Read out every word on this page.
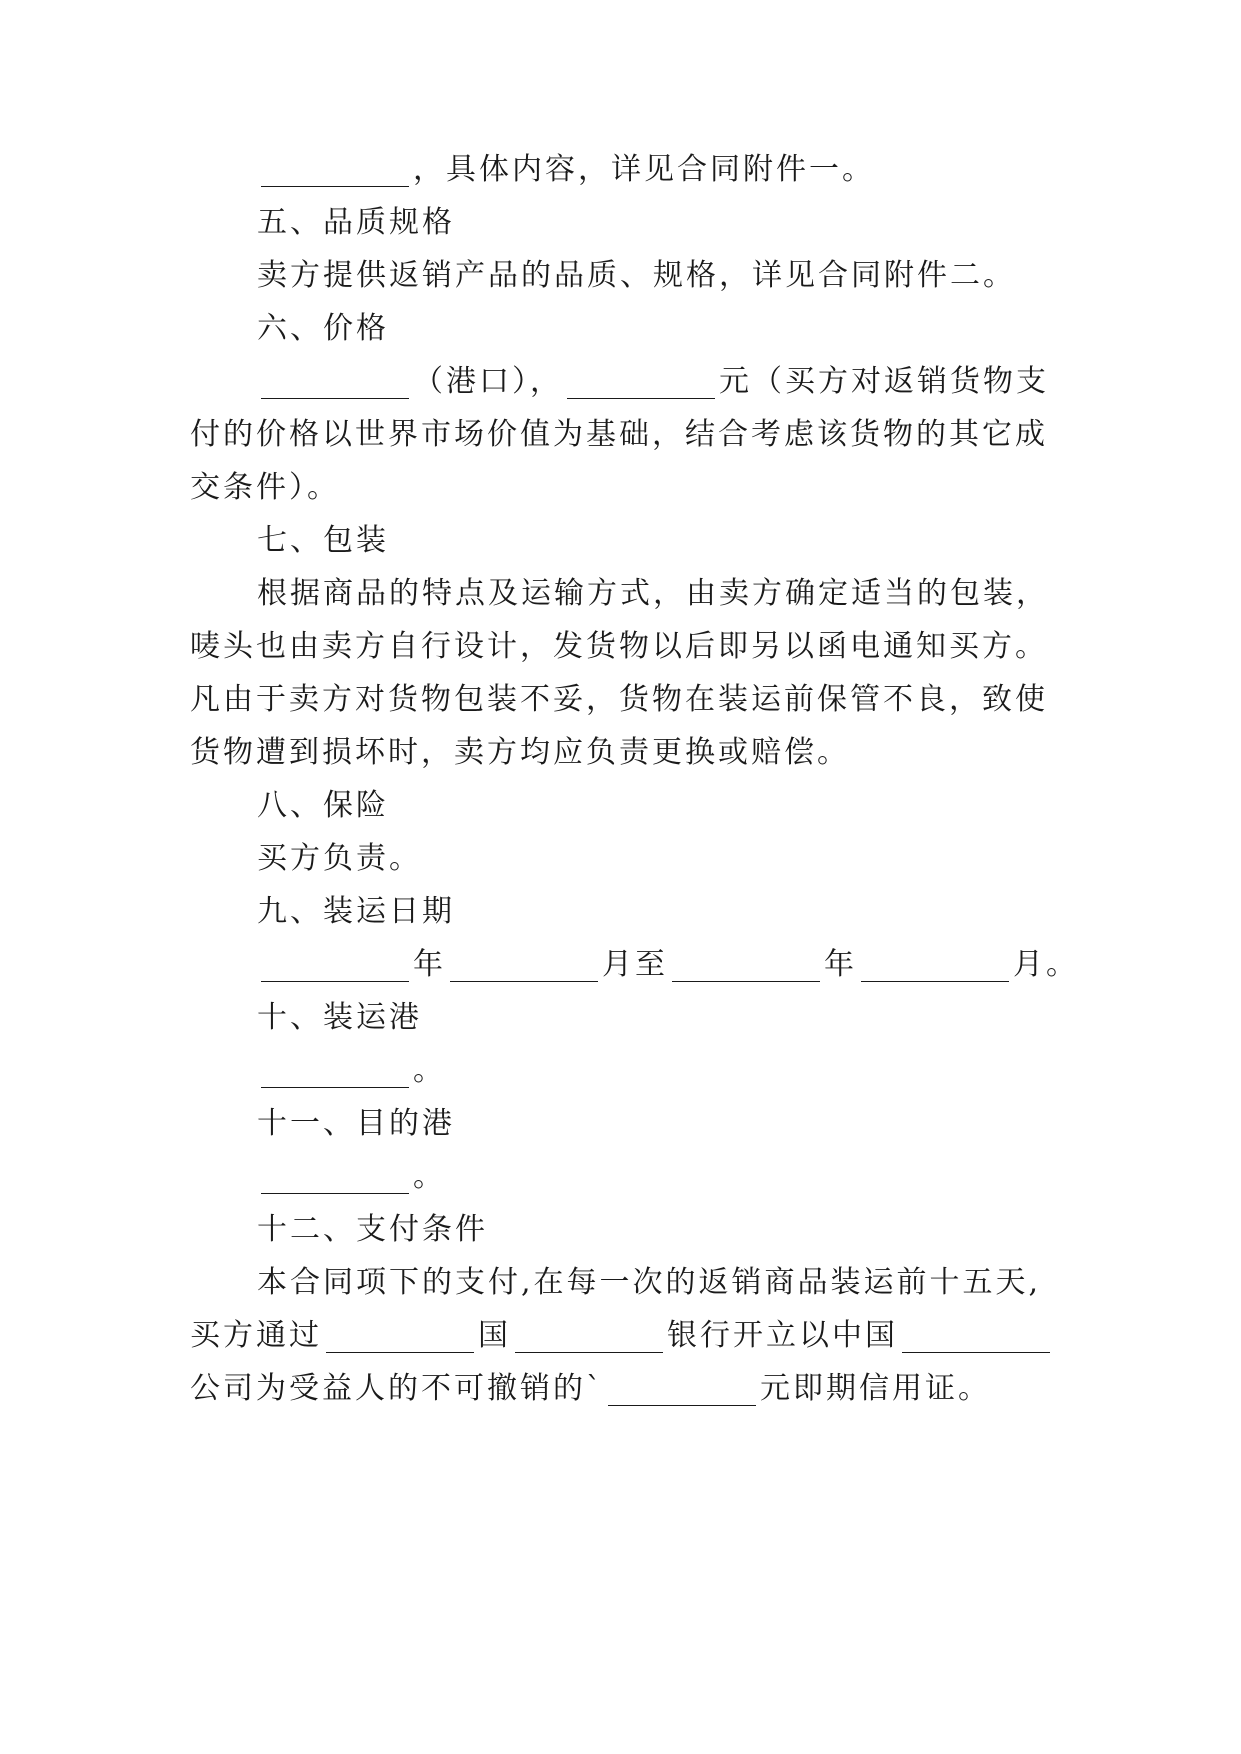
，具体内容，详见合同附件一。
五、品质规格
卖方提供返销产品的品质、规格，详见合同附件二。
六、价格
（港口），	元（买方对返销货物支
付的价格以世界市场价值为基础，结合考虑该货物的其它成
交条件）。
七、包装
根据商品的特点及运输方式，由卖方确定适当的包装，
唛头也由卖方自行设计，发货物以后即另以函电通知买方。
凡由于卖方对货物包装不妥，货物在装运前保管不良，致使
货物遭到损坏时，卖方均应负责更换或赔偿。
八、保险
买方负责。
九、装运日期
年	月至	年	月。
十、装运港
。
十一、目的港
。
十二、支付条件
本合同项下的支付,在每一次的返销商品装运前十五天,
买方通过	国	银行开立以中国
公司为受益人的不可撤销的`	元即期信用证。
